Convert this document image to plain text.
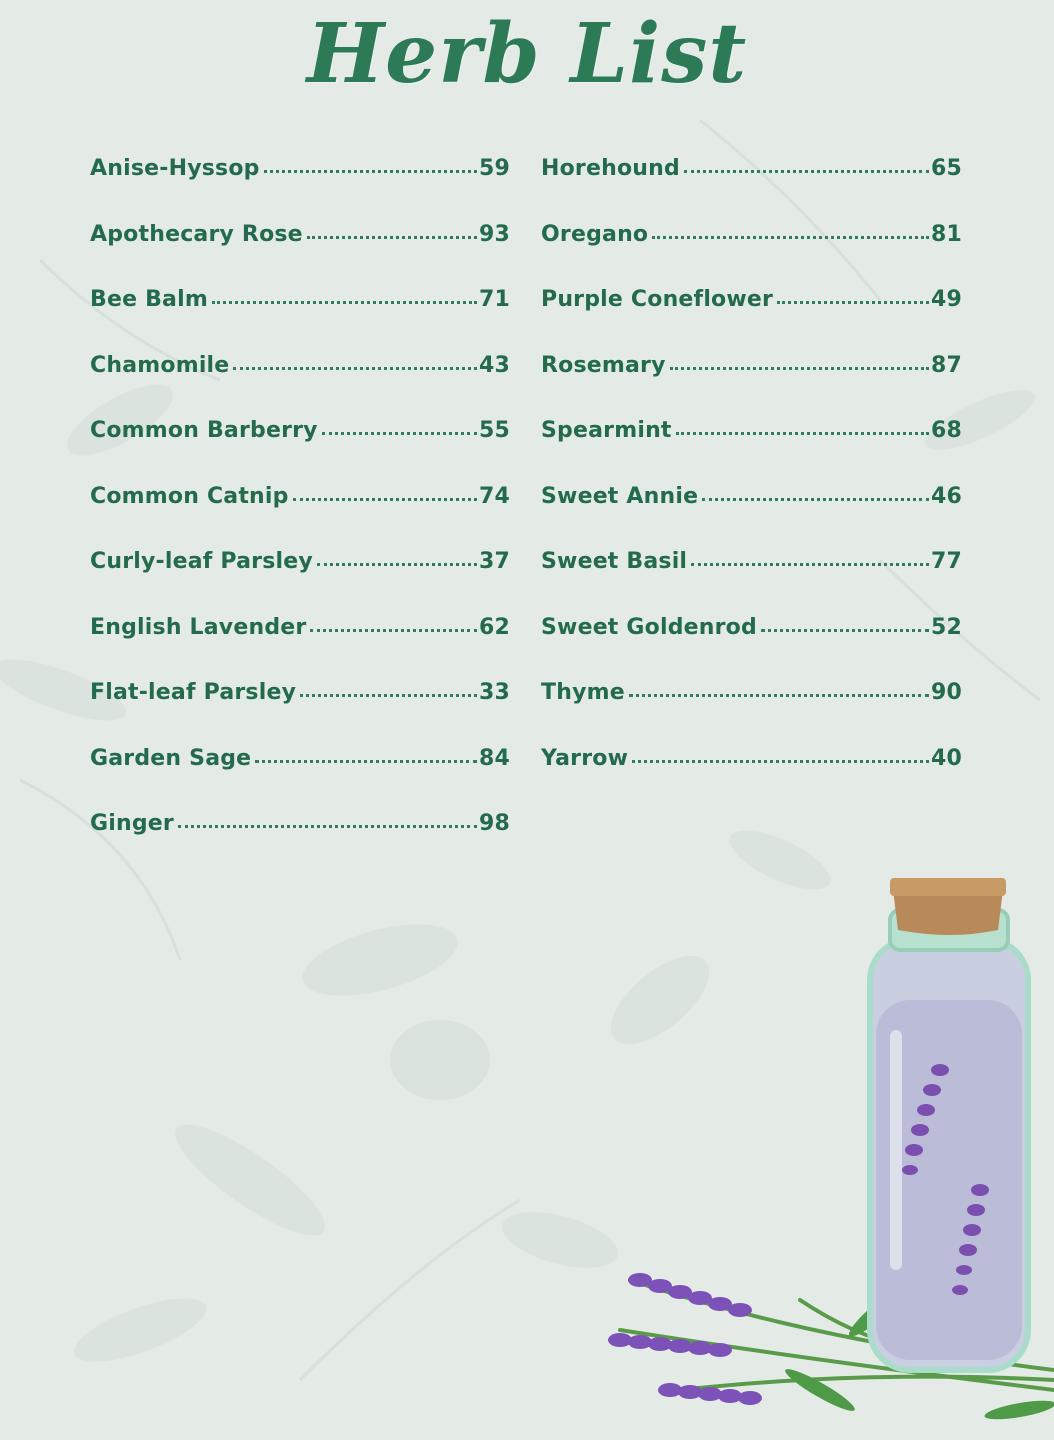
Herb List
Anise-Hyssop	59
Apothecary Rose	93
Bee Balm	71
Chamomile	43
Common Barberry	55
Common Catnip	74
Curly-leaf Parsley	37
English Lavender	62
Flat-leaf Parsley	33
Garden Sage	84
Ginger	98
Horehound	65
Oregano	81
Purple Coneflower	49
Rosemary	87
Spearmint	68
Sweet Annie	46
Sweet Basil	77
Sweet Goldenrod	52
Thyme	90
Yarrow	40
